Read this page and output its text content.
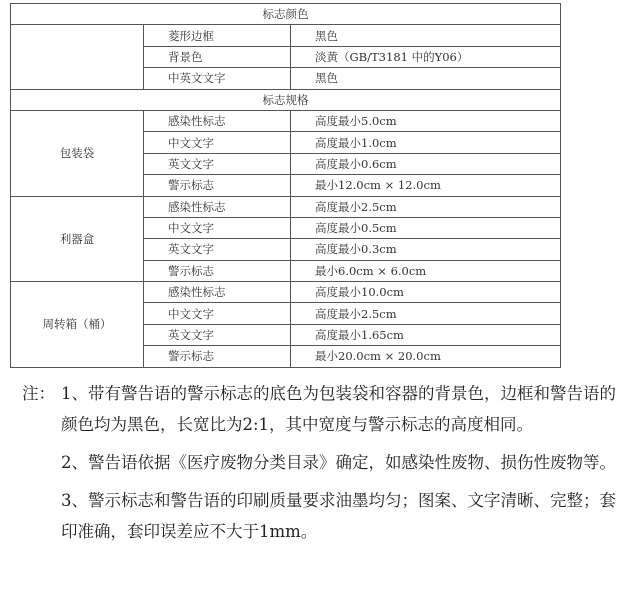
标志颜色		
	菱形边框	黑色
	背景色	淡黄（GB/T3181 中的Y06）
	中英文文字	黑色
标志规格		
包装袋	感染性标志	高度最小5.0cm
	中文文字	高度最小1.0cm
	英文文字	高度最小0.6cm
	警示标志	最小12.0cm × 12.0cm
利器盒	感染性标志	高度最小2.5cm
	中文文字	高度最小0.5cm
	英文文字	高度最小0.3cm
	警示标志	最小6.0cm × 6.0cm
周转箱（桶）	感染性标志	高度最小10.0cm
	中文文字	高度最小2.5cm
	英文文字	高度最小1.65cm
	警示标志	最小20.0cm × 20.0cm
注： 1、带有警告语的警示标志的底色为包装袋和容器的背景色，边框和警告语的颜色均为黑色，长宽比为2:1，其中宽度与警示标志的高度相同。
2、警告语依据《医疗废物分类目录》确定，如感染性废物、损伤性废物等。
3、警示标志和警告语的印刷质量要求油墨均匀；图案、文字清晰、完整；套印准确，套印误差应不大于1mm。
